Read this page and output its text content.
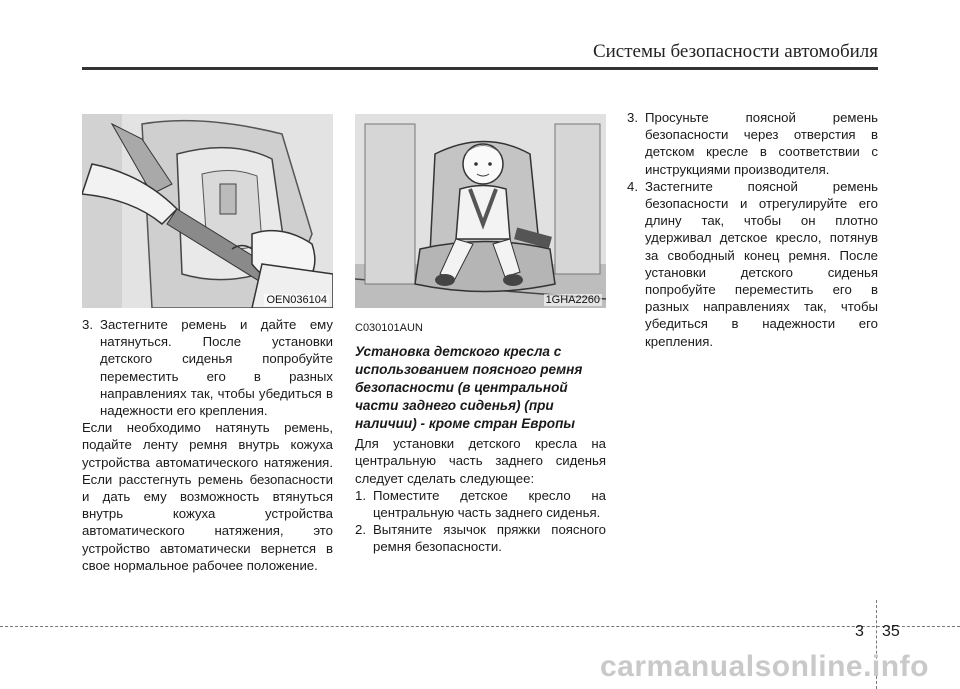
Системы безопасности автомобиля
OEN036104	1GHA2260
3. Застегните ремень и дайте ему натянуться. После установки детского сиденья попробуйте переместить его в разных направлениях так, чтобы убедиться в надежности его крепления.

Если необходимо натянуть ремень, подайте ленту ремня внутрь кожуха устройства автоматического натяжения. Если расстегнуть ремень безопасности и дать ему возможность втянуться внутрь кожуха устройства автоматического натяжения, это устройство автоматически вернется в свое нормальное рабочее положение.

C030101AUN
Установка детского кресла с использованием поясного ремня безопасности (в центральной части заднего сиденья) (при наличии) - кроме стран Европы

Для установки детского кресла на центральную часть заднего сиденья следует сделать следующее:

1. Поместите детское кресло на центральную часть заднего сиденья.
2. Вытяните язычок пряжки поясного ремня безопасности.
3. Просуньте поясной ремень безопасности через отверстия в детском кресле в соответствии с инструкциями производителя.
4. Застегните поясной ремень безопасности и отрегулируйте его длину так, чтобы он плотно удерживал детское кресло, потянув за свободный конец ремня. После установки детского сиденья попробуйте переместить его в разных направлениях так, чтобы убедиться в надежности его крепления.
3 35
carmanualsonline.info
